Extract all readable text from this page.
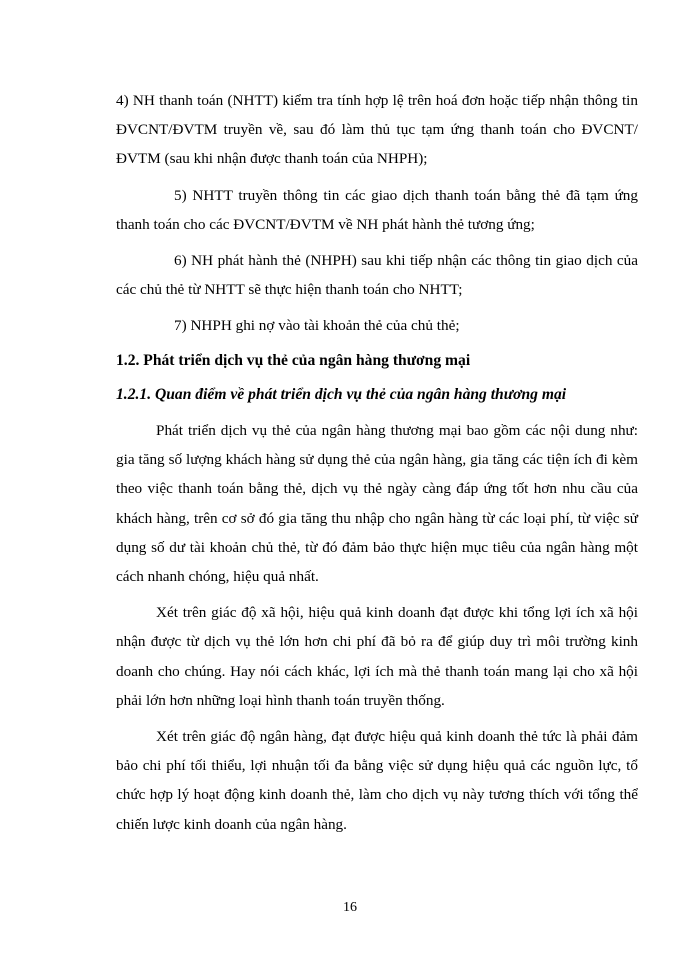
4) NH thanh toán (NHTT) kiểm tra tính hợp lệ trên hoá đơn hoặc tiếp nhận thông tin ĐVCNT/ĐVTM truyền về, sau đó làm thủ tục tạm ứng thanh toán cho ĐVCNT/ĐVTM (sau khi nhận được thanh toán của NHPH);

5) NHTT truyền thông tin các giao dịch thanh toán bằng thẻ đã tạm ứng thanh toán cho các ĐVCNT/ĐVTM về NH phát hành thẻ tương ứng;

6) NH phát hành thẻ (NHPH) sau khi tiếp nhận các thông tin giao dịch của các chủ thẻ từ NHTT sẽ thực hiện thanh toán cho NHTT;

7) NHPH ghi nợ vào tài khoản thẻ của chủ thẻ;

1.2. Phát triển dịch vụ thẻ của ngân hàng thương mại
1.2.1. Quan điểm về phát triển dịch vụ thẻ của ngân hàng thương mại

Phát triển dịch vụ thẻ của ngân hàng thương mại bao gồm các nội dung như: gia tăng số lượng khách hàng sử dụng thẻ của ngân hàng, gia tăng các tiện ích đi kèm theo việc thanh toán bằng thẻ, dịch vụ thẻ ngày càng đáp ứng tốt hơn nhu cầu của khách hàng, trên cơ sở đó gia tăng thu nhập cho ngân hàng từ các loại phí, từ việc sử dụng số dư tài khoản chủ thẻ, từ đó đảm bảo thực hiện mục tiêu của ngân hàng một cách nhanh chóng, hiệu quả nhất.

Xét trên giác độ xã hội, hiệu quả kinh doanh đạt được khi tổng lợi ích xã hội nhận được từ dịch vụ thẻ lớn hơn chi phí đã bỏ ra để giúp duy trì môi trường kinh doanh cho chúng. Hay nói cách khác, lợi ích mà thẻ thanh toán mang lại cho xã hội phải lớn hơn những loại hình thanh toán truyền thống.

Xét trên giác độ ngân hàng, đạt được hiệu quả kinh doanh thẻ tức là phải đảm bảo chi phí tối thiểu, lợi nhuận tối đa bằng việc sử dụng hiệu quả các nguồn lực, tổ chức hợp lý hoạt động kinh doanh thẻ, làm cho dịch vụ này tương thích với tổng thể chiến lược kinh doanh của ngân hàng.

16
